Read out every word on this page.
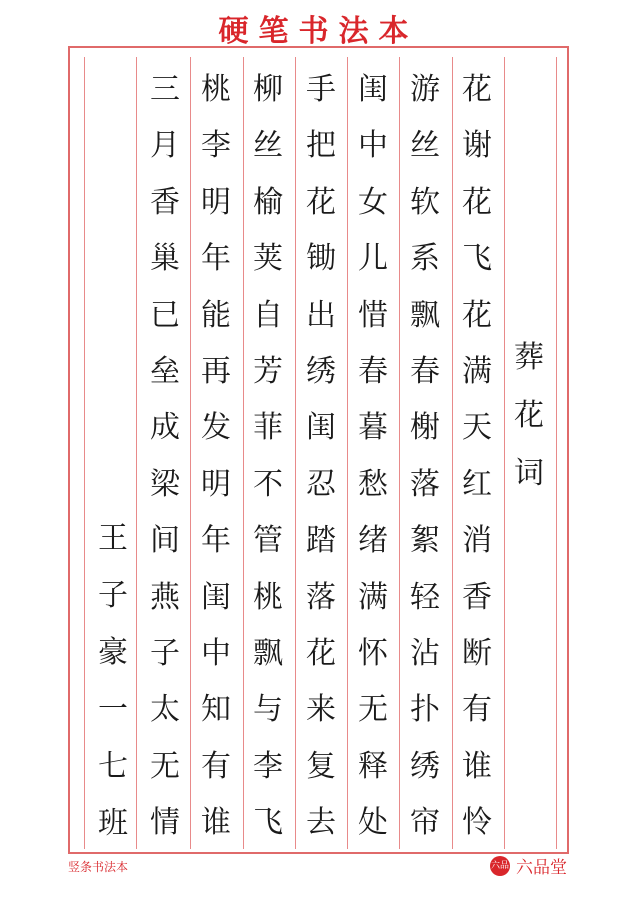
硬笔书法本
葬
花
词
花
谢
花
飞
花
满
天
红
消
香
断
有
谁
怜
游
丝
软
系
飘
春
榭
落
絮
轻
沾
扑
绣
帘
闺
中
女
儿
惜
春
暮
愁
绪
满
怀
无
释
处
手
把
花
锄
出
绣
闺
忍
踏
落
花
来
复
去
柳
丝
榆
荚
自
芳
菲
不
管
桃
飘
与
李
飞
桃
李
明
年
能
再
发
明
年
闺
中
知
有
谁
三
月
香
巢
已
垒
成
梁
间
燕
子
太
无
情
王
子
豪
一
七
班
竖条书法本	六品 六品堂
